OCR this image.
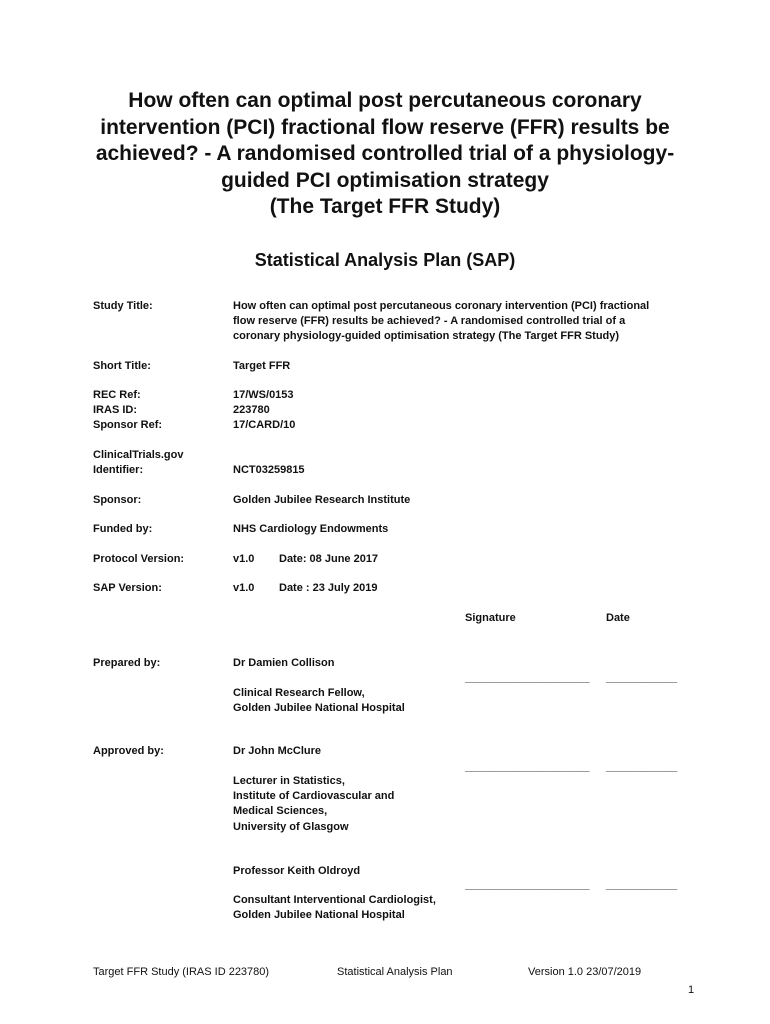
How often can optimal post percutaneous coronary
intervention (PCI) fractional flow reserve (FFR) results be
achieved? - A randomised controlled trial of a physiology-
guided PCI optimisation strategy
(The Target FFR Study)
Statistical Analysis Plan (SAP)
Study Title:	How often can optimal post percutaneous coronary intervention (PCI) fractional
flow reserve (FFR) results be achieved? - A randomised controlled trial of a
coronary physiology-guided optimisation strategy (The Target FFR Study)
Short Title:	Target FFR
REC Ref:	17/WS/0153
IRAS ID:	223780
Sponsor Ref:	17/CARD/10
ClinicalTrials.gov
Identifier:	NCT03259815
Sponsor:	Golden Jubilee Research Institute
Funded by:	NHS Cardiology Endowments
Protocol Version:	v1.0 Date: 08 June 2017
SAP Version:	v1.0 Date : 23 July 2019
Signature	Date
Prepared by:	Dr Damien Collison
_____________________ ____________
Clinical Research Fellow,
Golden Jubilee National Hospital
Approved by:	Dr John McClure
_____________________ ____________
Lecturer in Statistics,
Institute of Cardiovascular and
Medical Sciences,
University of Glasgow
Professor Keith Oldroyd
_____________________ ____________
Consultant Interventional Cardiologist,
Golden Jubilee National Hospital
Target FFR Study (IRAS ID 223780)	Statistical Analysis Plan	Version 1.0 23/07/2019
1
